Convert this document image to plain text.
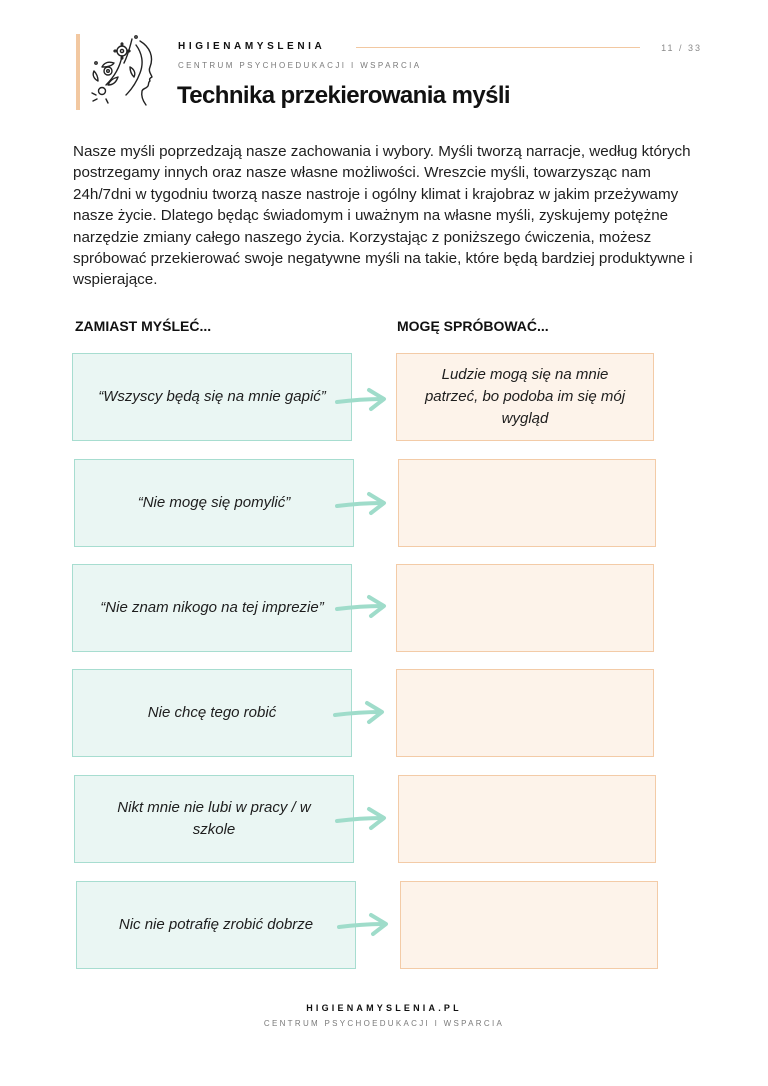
HIGIENAMYSLENIA
CENTRUM PSYCHOEDUKACJI I WSPARCIA
11 / 33
Technika przekierowania myśli

Nasze myśli poprzedzają nasze zachowania i wybory. Myśli tworzą narracje, według których postrzegamy innych oraz nasze własne możliwości. Wreszcie myśli, towarzysząc nam 24h/7dni w tygodniu tworzą nasze nastroje i ogólny klimat i krajobraz w jakim przeżywamy nasze życie. Dlatego będąc świadomym i uważnym na własne myśli, zyskujemy potężne narzędzie zmiany całego naszego życia. Korzystając z poniższego ćwiczenia, możesz spróbować przekierować swoje negatywne myśli na takie, które będą bardziej produktywne i wspierające.

ZAMIAST MYŚLEĆ...	MOGĘ SPRÓBOWAĆ...
“Wszyscy będą się na mnie gapić”
Ludzie mogą się na mnie patrzeć, bo podoba im się mój wygląd
“Nie mogę się pomylić”
“Nie znam nikogo na tej imprezie”
Nie chcę tego robić
Nikt mnie nie lubi w pracy / w szkole
Nic nie potrafię zrobić dobrze
HIGIENAMYSLENIA.PL
CENTRUM PSYCHOEDUKACJI I WSPARCIA
